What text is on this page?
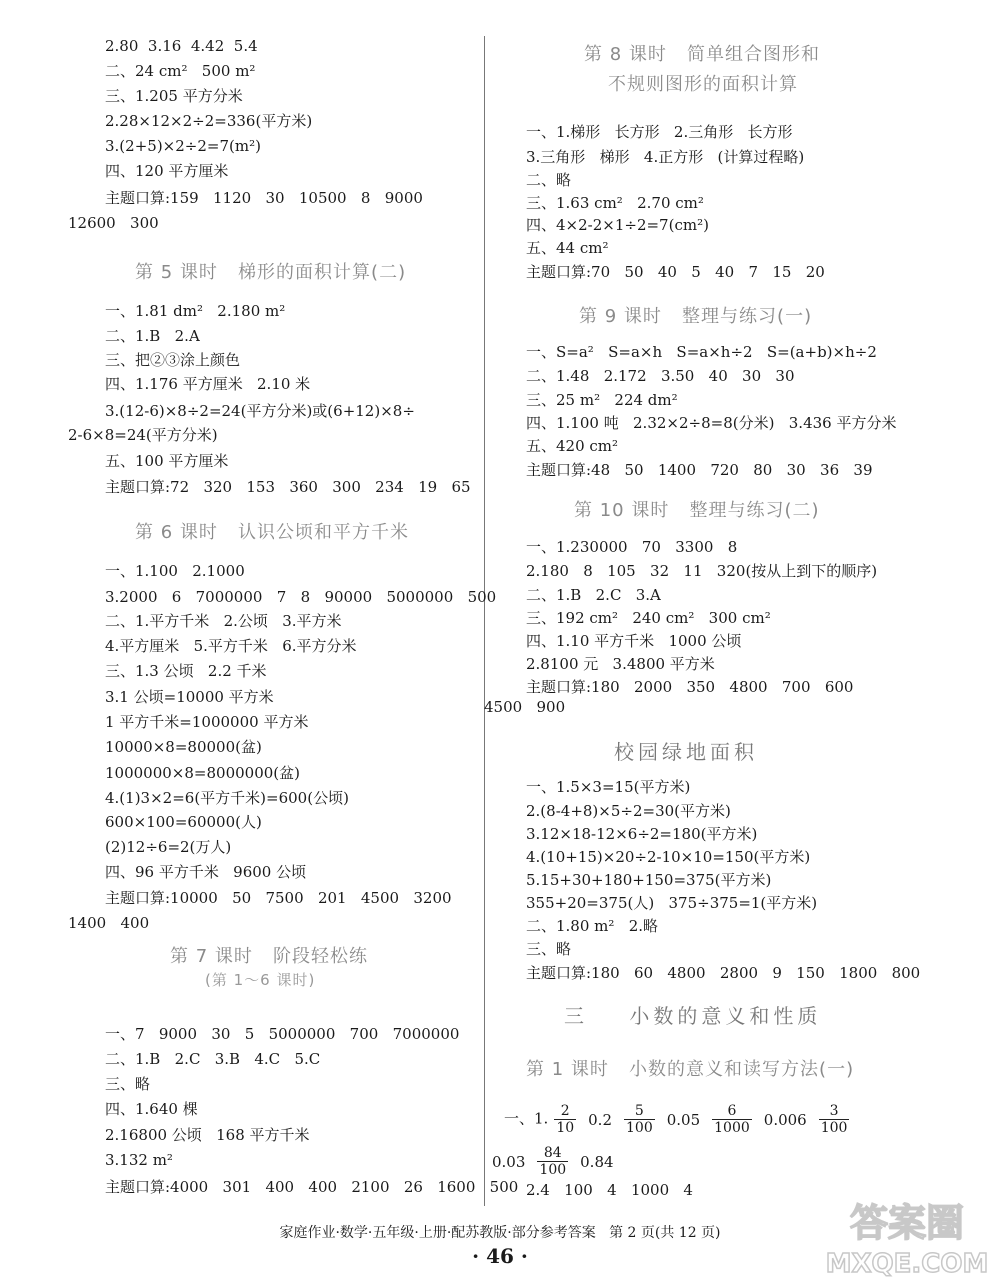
2.80  3.16  4.42  5.4
二、24 cm²   500 m²
三、1.205 平方分米
2.28×12×2÷2=336(平方米)
3.(2+5)×2÷2=7(m²)
四、120 平方厘米
主题口算:159   1120   30   10500   8   9000
12600   300
第 5 课时   梯形的面积计算(二)
一、1.81 dm²   2.180 m²
二、1.B   2.A
三、把②③涂上颜色
四、1.176 平方厘米   2.10 米
3.(12-6)×8÷2=24(平方分米)或(6+12)×8÷
2-6×8=24(平方分米)
五、100 平方厘米
主题口算:72   320   153   360   300   234   19   65
第 6 课时   认识公顷和平方千米
一、1.100   2.1000
3.2000   6   7000000   7   8   90000   5000000   500
二、1.平方千米   2.公顷   3.平方米
4.平方厘米   5.平方千米   6.平方分米
三、1.3 公顷   2.2 千米
3.1 公顷=10000 平方米
1 平方千米=1000000 平方米
10000×8=80000(盆)
1000000×8=8000000(盆)
4.(1)3×2=6(平方千米)=600(公顷)
600×100=60000(人)
(2)12÷6=2(万人)
四、96 平方千米   9600 公顷
主题口算:10000   50   7500   201   4500   3200
1400   400
第 7 课时   阶段轻松练
(第 1～6 课时)
一、7   9000   30   5   5000000   700   7000000
二、1.B   2.C   3.B   4.C   5.C
三、略
四、1.640 棵
2.16800 公顷   168 平方千米
3.132 m²
主题口算:4000   301   400   400   2100   26   1600   500
一、1. $\frac{2}{10} 0.2 \frac{5}{100} 0.05 \frac{6}{1000} 0.006 \frac{3}{100}$
$0.03 \frac{84}{100} 0.84$
2.4   100   4   1000   4
第 8 课时   简单组合图形和
不规则图形的面积计算
一、1.梯形   长方形   2.三角形   长方形
3.三角形   梯形   4.正方形   (计算过程略)
二、略
三、1.63 cm²   2.70 cm²
四、4×2-2×1÷2=7(cm²)
五、44 cm²
主题口算:70   50   40   5   40   7   15   20
第 9 课时   整理与练习(一)
一、S=a²   S=a×h   S=a×h÷2   S=(a+b)×h÷2
二、1.48   2.172   3.50   40   30   30
三、25 m²   224 dm²
四、1.100 吨   2.32×2÷8=8(分米)   3.436 平方分米
五、420 cm²
主题口算:48   50   1400   720   80   30   36   39
第 10 课时   整理与练习(二)
一、1.230000   70   3300   8
2.180   8   105   32   11   320(按从上到下的顺序)
二、1.B   2.C   3.A
三、192 cm²   240 cm²   300 cm²
四、1.10 平方千米   1000 公顷
2.8100 元   3.4800 平方米
主题口算:180   2000   350   4800   700   600
4500   900
校园绿地面积
一、1.5×3=15(平方米)
2.(8-4+8)×5÷2=30(平方米)
3.12×18-12×6÷2=180(平方米)
4.(10+15)×20÷2-10×10=150(平方米)
5.15+30+180+150=375(平方米)
355+20=375(人)   375÷375=1(平方米)
二、1.80 m²   2.略
三、略
主题口算:180   60   4800   2800   9   150   1800   800
三    小数的意义和性质
第 1 课时   小数的意义和读写方法(一)
家庭作业·数学·五年级·上册·配苏教版·部分参考答案   第 2 页(共 12 页)
· 46 ·
答案圈
MXQE.COM
